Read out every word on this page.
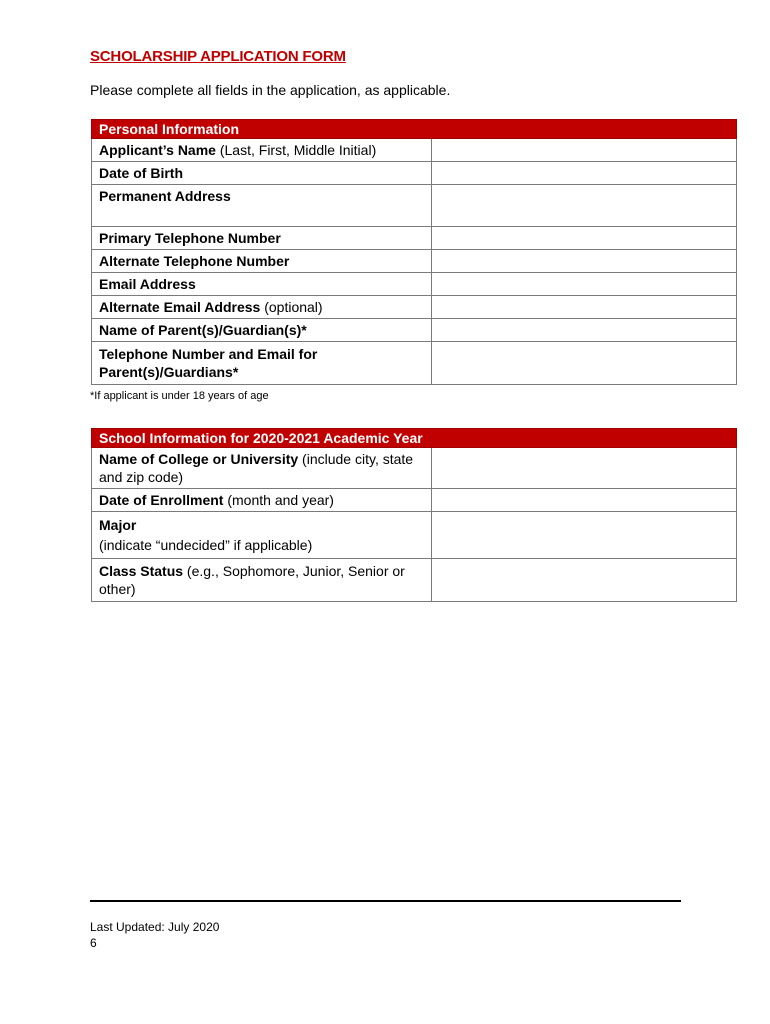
SCHOLARSHIP APPLICATION FORM
Please complete all fields in the application, as applicable.
Personal Information	
Applicant’s Name (Last, First, Middle Initial)	
Date of Birth	
Permanent Address	
Primary Telephone Number	
Alternate Telephone Number	
Email Address	
Alternate Email Address (optional)	
Name of Parent(s)/Guardian(s)*	
Telephone Number and Email for Parent(s)/Guardians*	
*If applicant is under 18 years of age
School Information for 2020-2021 Academic Year	
Name of College or University (include city, state and zip code)	
Date of Enrollment (month and year)	
Major
(indicate “undecided” if applicable)	
Class Status (e.g., Sophomore, Junior, Senior or other)	
Last Updated: July 2020
6
